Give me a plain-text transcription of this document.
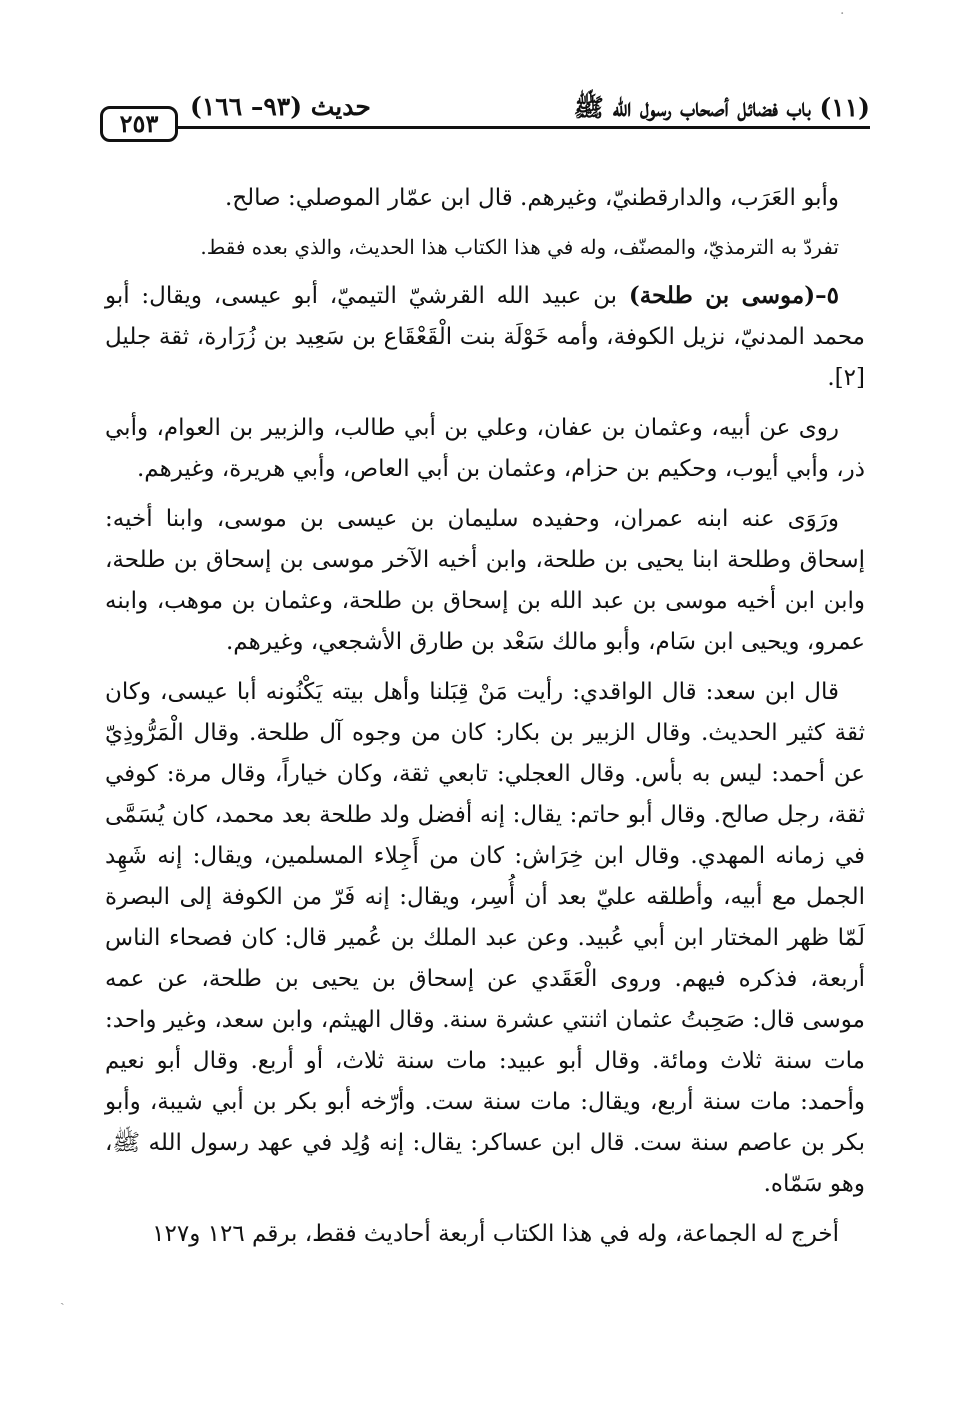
·
(١١) باب فضائل أصحاب رسول الله ﷺ
حديث (٩٣– ١٦٦)
٢٥٣

وأبو العَرَب، والدارقطنيّ، وغيرهم. قال ابن عمّار الموصلي: صالح.

تفردّ به الترمذيّ، والمصنّف، وله في هذا الكتاب هذا الحديث، والذي بعده فقط.

٥–(موسى بن طلحة) بن عبيد الله القرشيّ التيميّ، أبو عيسى، ويقال: أبو محمد المدنيّ، نزيل الكوفة، وأمه خَوْلَة بنت الْقَعْقَاع بن سَعِيد بن زُرَارة، ثقة جليل [٢].

روى عن أبيه، وعثمان بن عفان، وعلي بن أبي طالب، والزبير بن العوام، وأبي ذر، وأبي أيوب، وحكيم بن حزام، وعثمان بن أبي العاص، وأبي هريرة، وغيرهم.

ورَوَى عنه ابنه عمران، وحفيده سليمان بن عيسى بن موسى، وابنا أخيه: إسحاق وطلحة ابنا يحيى بن طلحة، وابن أخيه الآخر موسى بن إسحاق بن طلحة، وابن ابن أخيه موسى بن عبد الله بن إسحاق بن طلحة، وعثمان بن موهب، وابنه عمرو، ويحيى ابن سَام، وأبو مالك سَعْد بن طارق الأشجعي، وغيرهم.

قال ابن سعد: قال الواقدي: رأيت مَنْ قِبَلنا وأهل بيته يَكْنُونه أبا عيسى، وكان ثقة كثير الحديث. وقال الزبير بن بكار: كان من وجوه آل طلحة. وقال الْمَرُّوذِيّ عن أحمد: ليس به بأس. وقال العجلي: تابعي ثقة، وكان خياراً، وقال مرة: كوفي ثقة، رجل صالح. وقال أبو حاتم: يقال: إنه أفضل ولد طلحة بعد محمد، كان يُسَمَّى في زمانه المهدي. وقال ابن خِرَاش: كان من أَجِلاء المسلمين، ويقال: إنه شَهِد الجمل مع أبيه، وأطلقه عليّ بعد أن أُسِر، ويقال: إنه فَرّ من الكوفة إلى البصرة لَمّا ظهر المختار ابن أبي عُبيد. وعن عبد الملك بن عُمير قال: كان فصحاء الناس أربعة، فذكره فيهم. وروى الْعَقَدي عن إسحاق بن يحيى بن طلحة، عن عمه موسى قال: صَحِبتُ عثمان اثنتي عشرة سنة. وقال الهيثم، وابن سعد، وغير واحد: مات سنة ثلاث ومائة. وقال أبو عبيد: مات سنة ثلاث، أو أربع. وقال أبو نعيم وأحمد: مات سنة أربع، ويقال: مات سنة ست. وأرّخه أبو بكر بن أبي شيبة، وأبو بكر بن عاصم سنة ست. قال ابن عساكر: يقال: إنه وُلِد في عهد رسول الله ﷺ، وهو سَمّاه.

أخرج له الجماعة، وله في هذا الكتاب أربعة أحاديث فقط، برقم ١٢٦ و١٢٧

ˎ
